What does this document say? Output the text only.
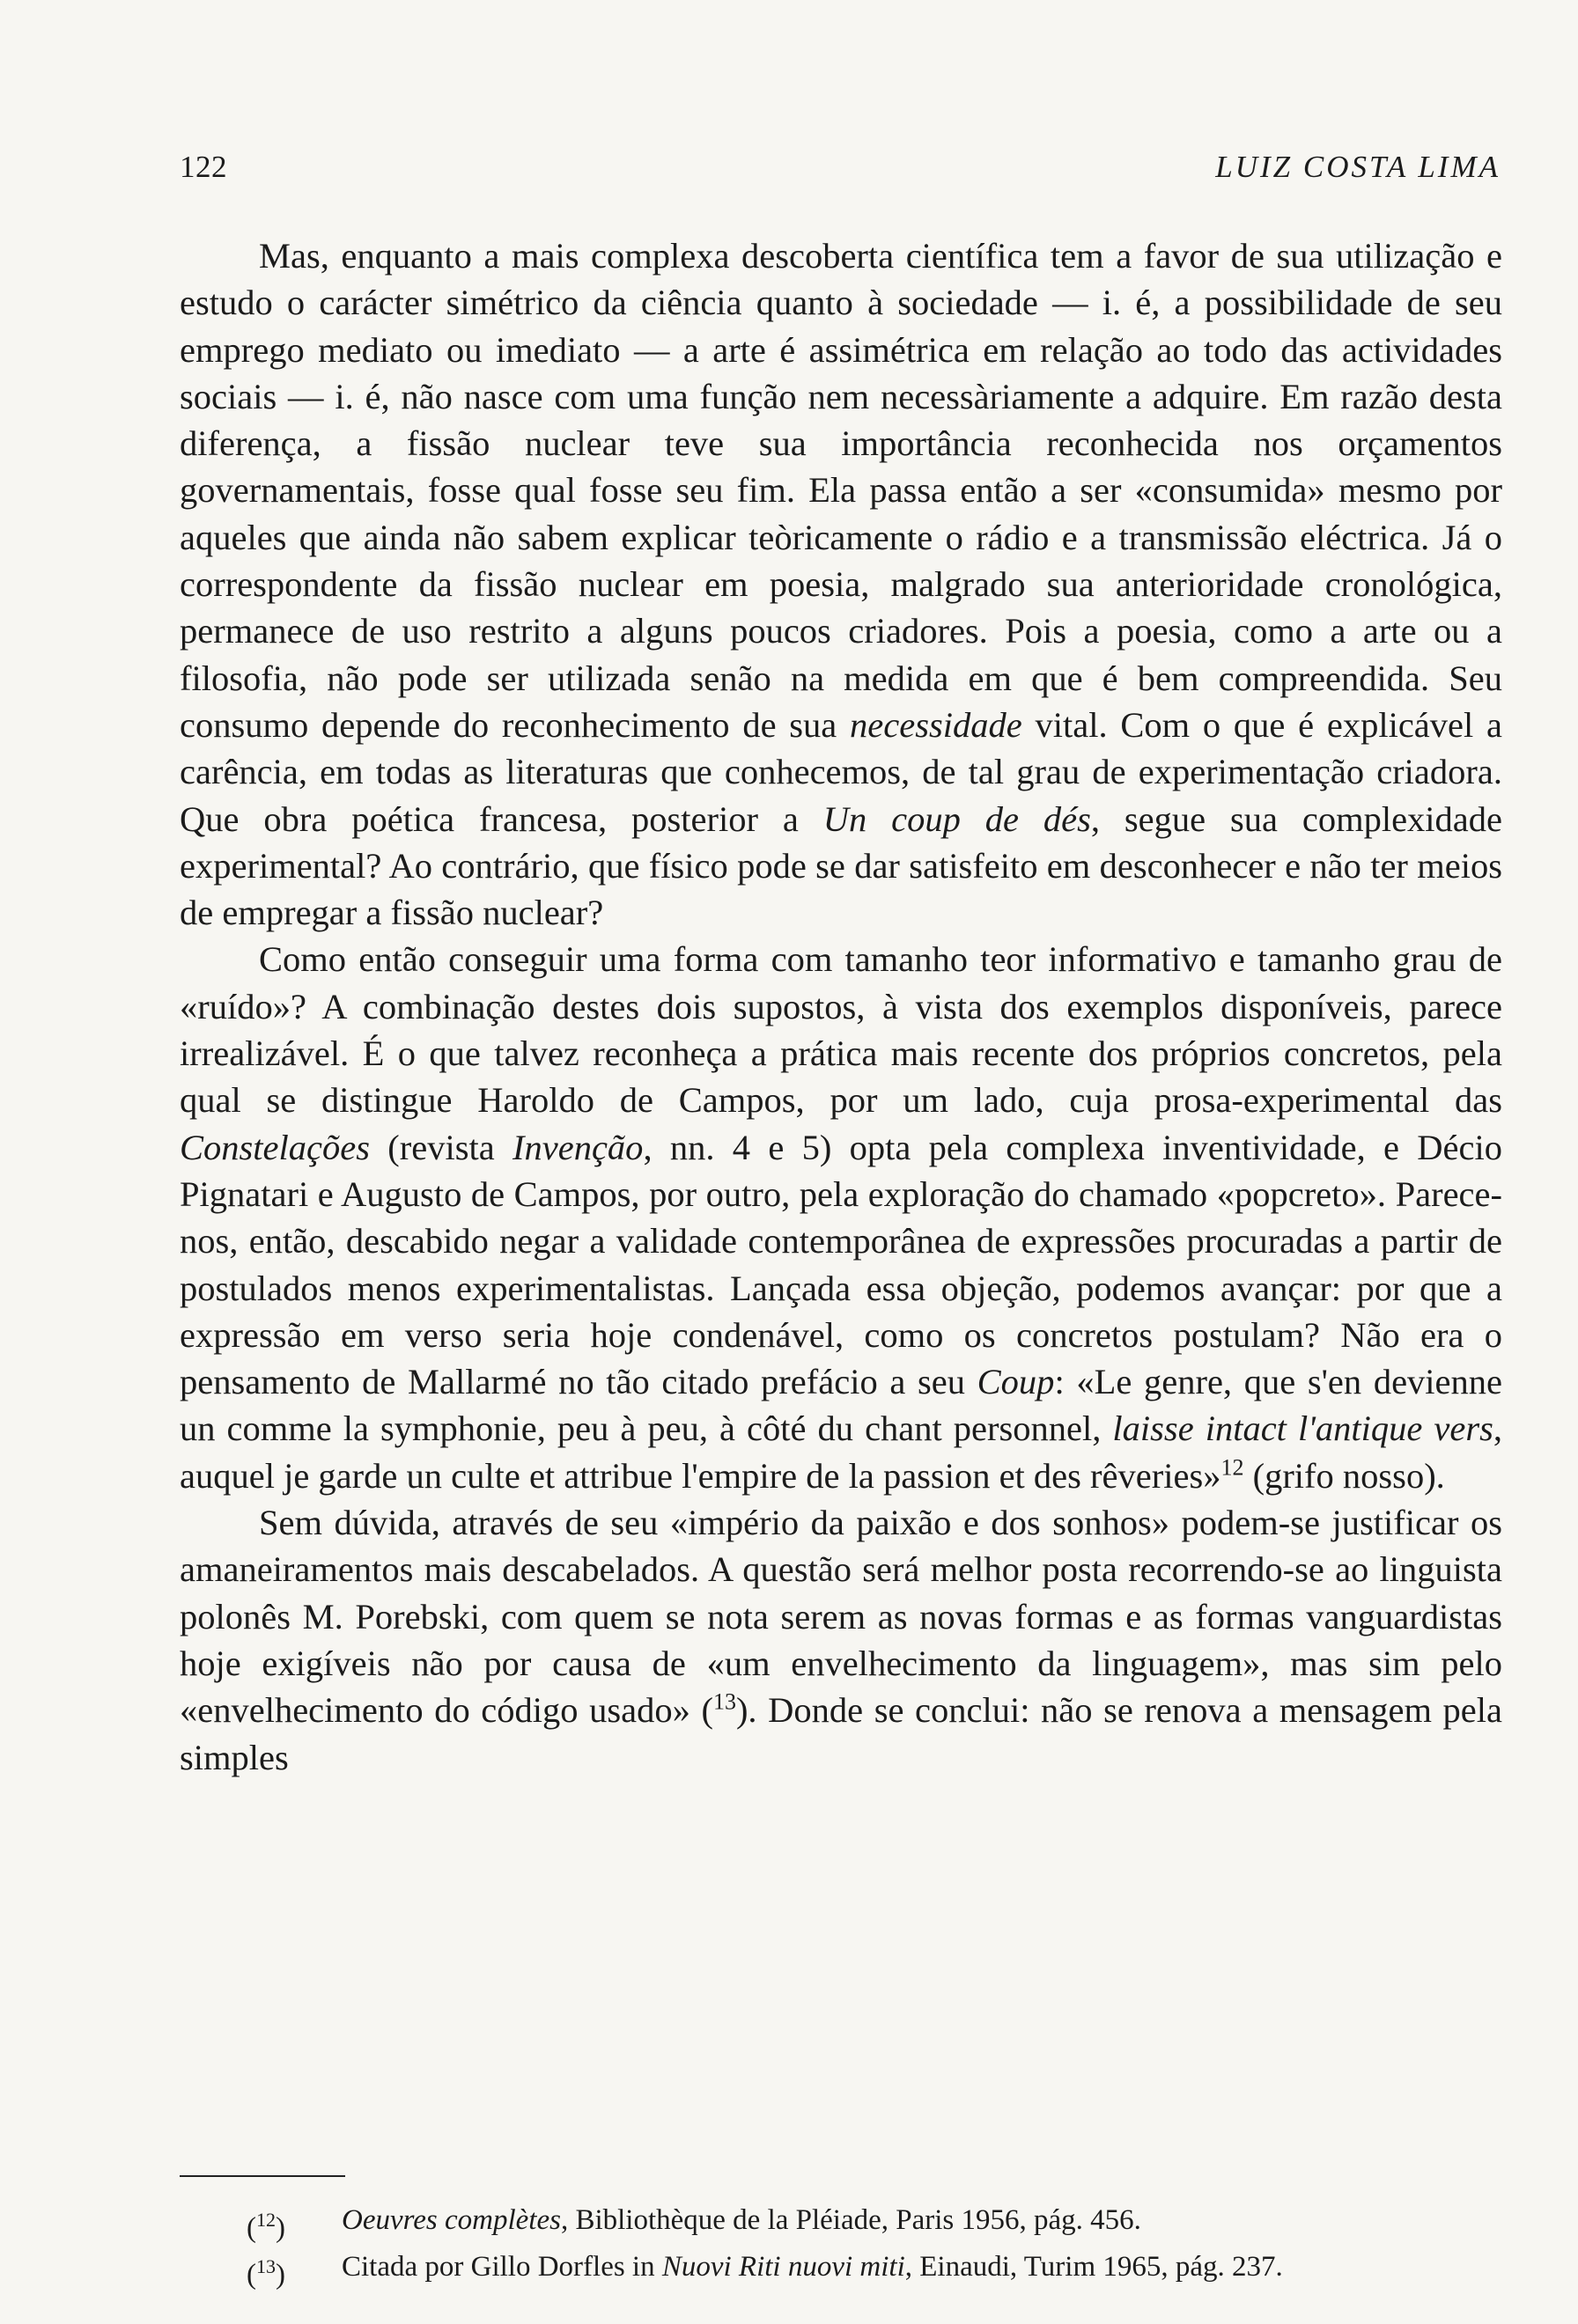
122	LUIZ COSTA LIMA

Mas, enquanto a mais complexa descoberta científica tem a favor de sua utilização e estudo o carácter simétrico da ciência quanto à sociedade — i. é, a possibilidade de seu emprego mediato ou imediato — a arte é assimétrica em relação ao todo das actividades sociais — i. é, não nasce com uma função nem necessàriamente a adquire. Em razão desta diferença, a fissão nuclear teve sua importância reconhecida nos orçamentos governamentais, fosse qual fosse seu fim. Ela passa então a ser «consumida» mesmo por aqueles que ainda não sabem explicar teòricamente o rádio e a transmissão eléctrica. Já o correspondente da fissão nuclear em poesia, malgrado sua anterioridade cronológica, permanece de uso restrito a alguns poucos criadores. Pois a poesia, como a arte ou a filosofia, não pode ser utilizada senão na medida em que é bem compreendida. Seu consumo depende do reconhecimento de sua necessidade vital. Com o que é explicável a carência, em todas as literaturas que conhecemos, de tal grau de experimentação criadora. Que obra poética francesa, posterior a Un coup de dés, segue sua complexidade experimental? Ao contrário, que físico pode se dar satisfeito em desconhecer e não ter meios de empregar a fissão nuclear?

Como então conseguir uma forma com tamanho teor informativo e tamanho grau de «ruído»? A combinação destes dois supostos, à vista dos exemplos disponíveis, parece irrealizável. É o que talvez reconheça a prática mais recente dos próprios concretos, pela qual se distingue Haroldo de Campos, por um lado, cuja prosa-experimental das Constelações (revista Invenção, nn. 4 e 5) opta pela complexa inventividade, e Décio Pignatari e Augusto de Campos, por outro, pela exploração do chamado «popcreto». Parece-nos, então, descabido negar a validade contemporânea de expressões procuradas a partir de postulados menos experimentalistas. Lançada essa objeção, podemos avançar: por que a expressão em verso seria hoje condenável, como os concretos postulam? Não era o pensamento de Mallarmé no tão citado prefácio a seu Coup: «Le genre, que s'en devienne un comme la symphonie, peu à peu, à côté du chant personnel, laisse intact l'antique vers, auquel je garde un culte et attribue l'empire de la passion et des rêveries»$^{12}$ (grifo nosso).

Sem dúvida, através de seu «império da paixão e dos sonhos» podem-se justificar os amaneiramentos mais descabelados. A questão será melhor posta recorrendo-se ao linguista polonês M. Porebski, com quem se nota serem as novas formas e as formas vanguardistas hoje exigíveis não por causa de «um envelhecimento da linguagem», mas sim pelo «envelhecimento do código usado» ($^{13}$). Donde se conclui: não se renova a mensagem pela simples

($^{12}$)	Oeuvres complètes, Bibliothèque de la Pléiade, Paris 1956, pág. 456.
($^{13}$)	Citada por Gillo Dorfles in Nuovi Riti nuovi miti, Einaudi, Turim 1965, pág. 237.
